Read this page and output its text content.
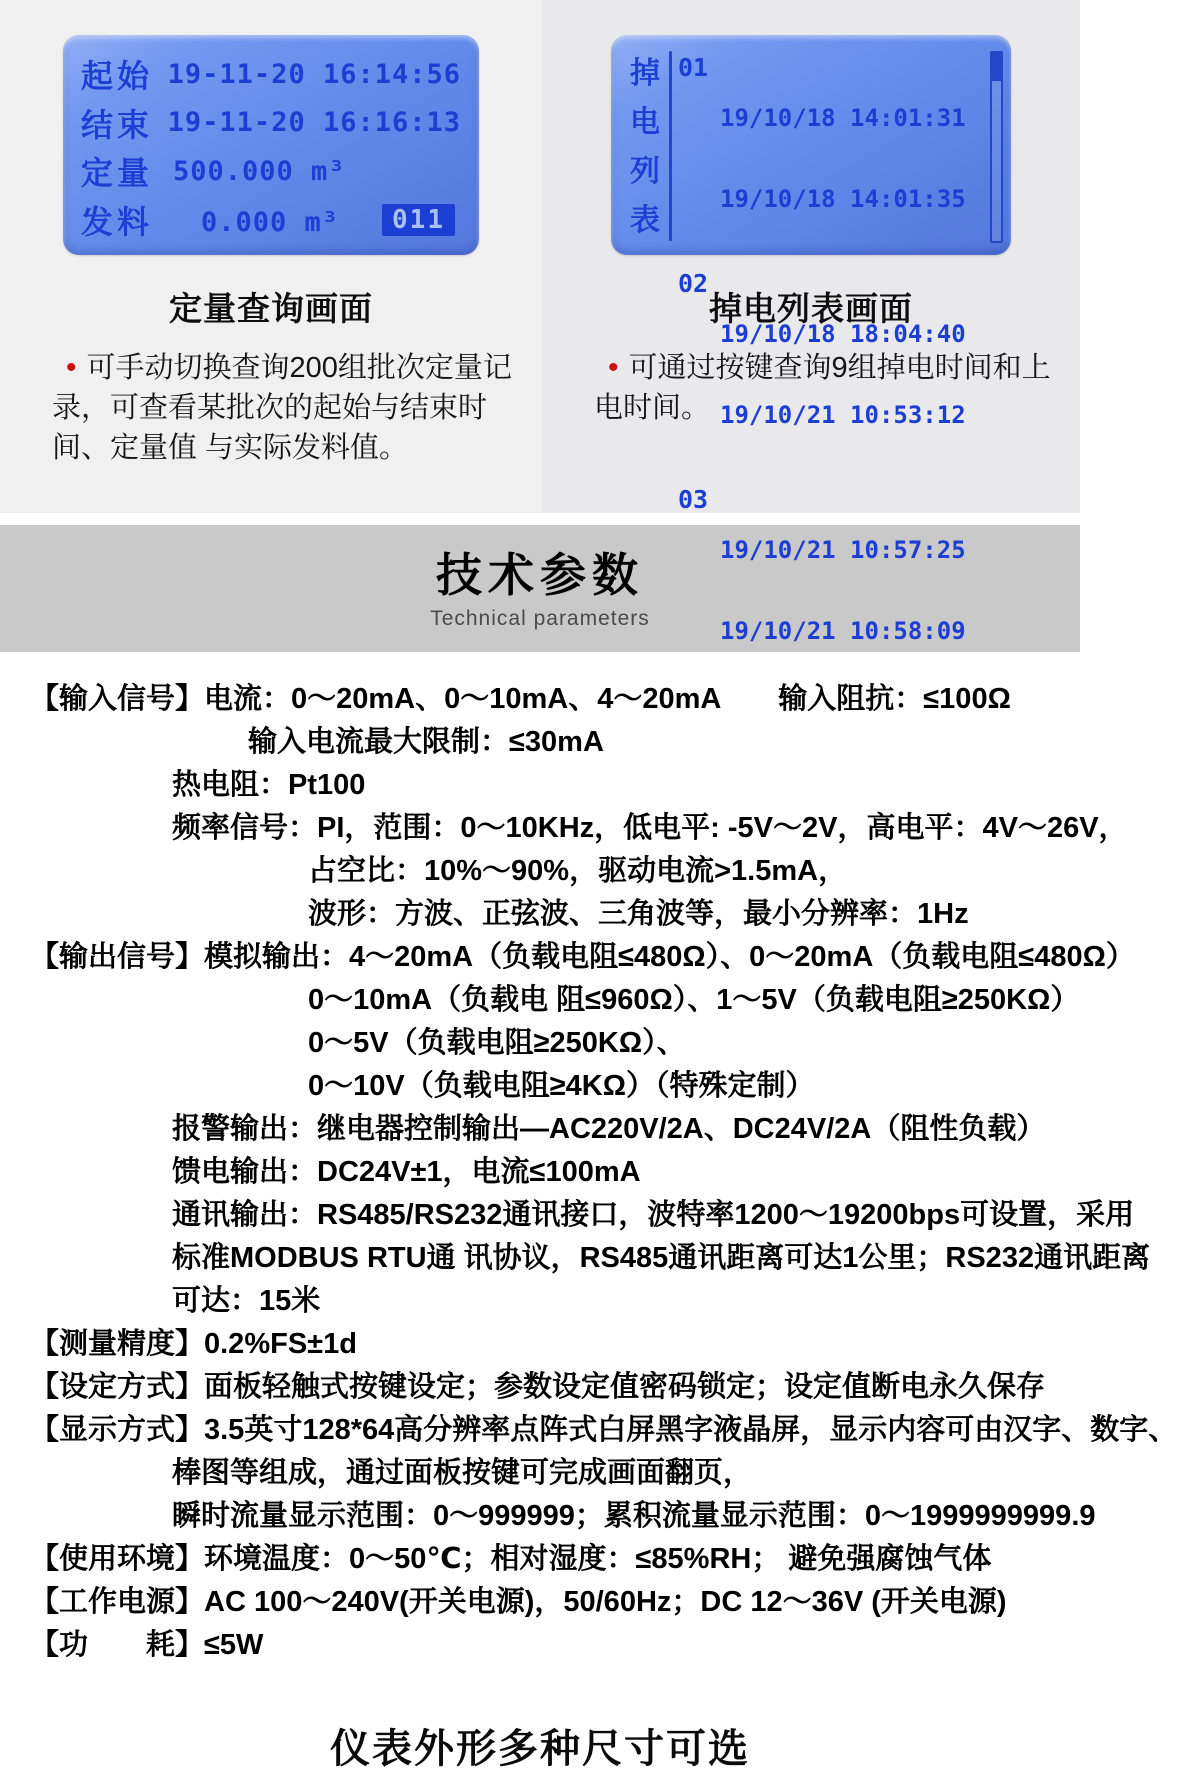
起始 19-11-20 16:14:56
结束 19-11-20 16:16:13
定量 500.000 m³
发料 　0.000 m³	011
定量查询画面

• 可手动切换查询200组批次定量记录，可查看某批次的起始与结束时间、定量值 与实际发料值。

掉电列表
01

19/10/18 14:01:31

19/10/18 14:01:35

02

19/10/18 18:04:40

19/10/21 10:53:12

03

19/10/21 10:57:25

19/10/21 10:58:09

掉电列表画面

• 可通过按键查询9组掉电时间和上电时间。

技术参数
Technical parameters
【输入信号】电流：0～20mA、0～10mA、4～20mA　　输入阻抗：≤100Ω
输入电流最大限制：≤30mA
热电阻：Pt100
频率信号：PI，范围：0～10KHz，低电平: -5V～2V，高电平：4V～26V，
占空比：10%～90%，驱动电流>1.5mA，
波形：方波、正弦波、三角波等，最小分辨率：1Hz
【输出信号】模拟输出：4～20mA（负载电阻≤480Ω）、0～20mA（负载电阻≤480Ω）
0～10mA（负载电 阻≤960Ω）、1～5V（负载电阻≥250KΩ）
0～5V（负载电阻≥250KΩ）、
0～10V（负载电阻≥4KΩ）（特殊定制）
报警输出：继电器控制输出—AC220V/2A、DC24V/2A（阻性负载）
馈电输出：DC24V±1，电流≤100mA
通讯输出：RS485/RS232通讯接口，波特率1200～19200bps可设置，采用
标准MODBUS RTU通 讯协议，RS485通讯距离可达1公里；RS232通讯距离
可达：15米
【测量精度】0.2%FS±1d
【设定方式】面板轻触式按键设定；参数设定值密码锁定；设定值断电永久保存
【显示方式】3.5英寸128*64高分辨率点阵式白屏黑字液晶屏，显示内容可由汉字、数字、
棒图等组成，通过面板按键可完成画面翻页，
瞬时流量显示范围：0～999999；累积流量显示范围：0～1999999999.9
【使用环境】环境温度：0～50℃；相对湿度：≤85%RH； 避免强腐蚀气体
【工作电源】AC 100～240V(开关电源)，50/60Hz；DC 12～36V (开关电源)
【功　　耗】≤5W
仪表外形多种尺寸可选
